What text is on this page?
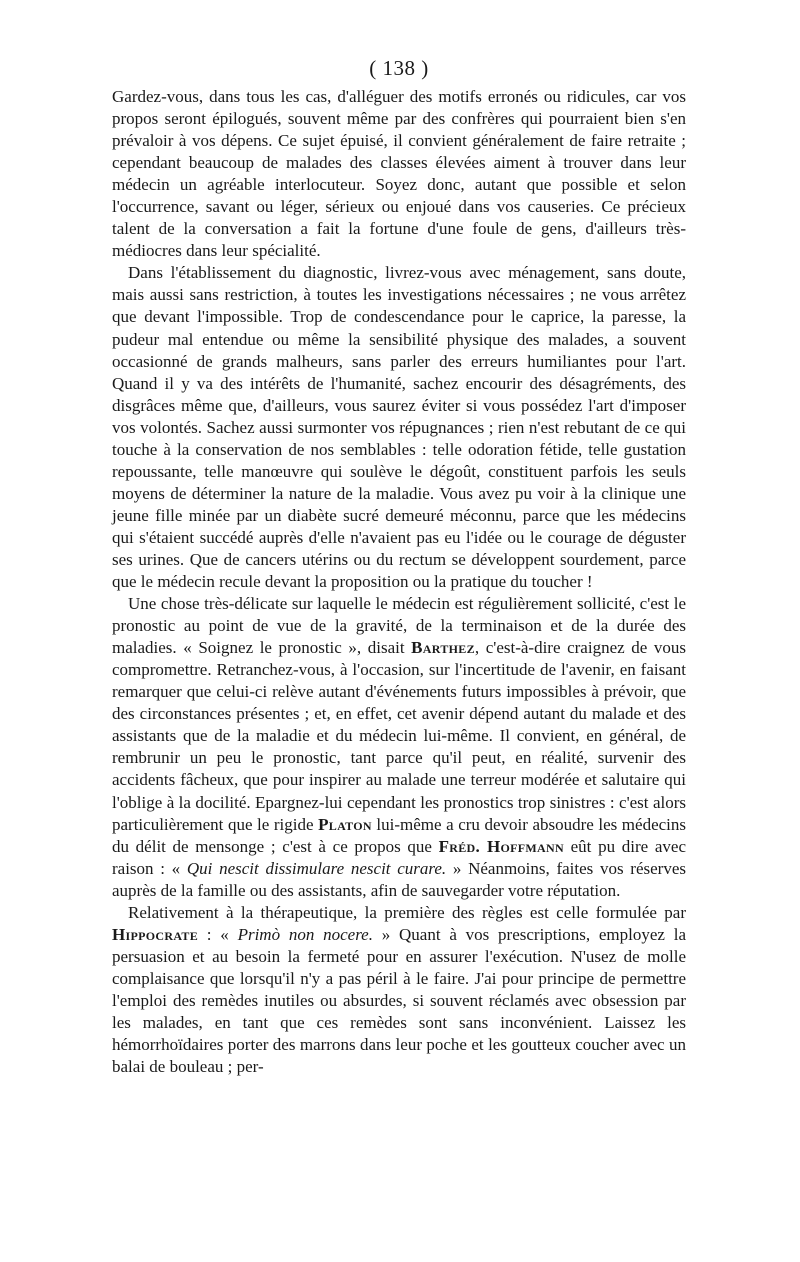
( 138 )

Gardez-vous, dans tous les cas, d'alléguer des motifs erronés ou ridicules, car vos propos seront épilogués, souvent même par des confrères qui pourraient bien s'en prévaloir à vos dépens. Ce sujet épuisé, il convient généralement de faire retraite ; cependant beaucoup de malades des classes élevées aiment à trouver dans leur médecin un agréable interlocuteur. Soyez donc, autant que possible et selon l'occurrence, savant ou léger, sérieux ou enjoué dans vos causeries. Ce précieux talent de la conversation a fait la fortune d'une foule de gens, d'ailleurs très-médiocres dans leur spécialité.

Dans l'établissement du diagnostic, livrez-vous avec ménagement, sans doute, mais aussi sans restriction, à toutes les investigations nécessaires ; ne vous arrêtez que devant l'impossible. Trop de condescendance pour le caprice, la paresse, la pudeur mal entendue ou même la sensibilité physique des malades, a souvent occasionné de grands malheurs, sans parler des erreurs humiliantes pour l'art. Quand il y va des intérêts de l'humanité, sachez encourir des désagréments, des disgrâces même que, d'ailleurs, vous saurez éviter si vous possédez l'art d'imposer vos volontés. Sachez aussi surmonter vos répugnances ; rien n'est rebutant de ce qui touche à la conservation de nos semblables : telle odoration fétide, telle gustation repoussante, telle manœuvre qui soulève le dégoût, constituent parfois les seuls moyens de déterminer la nature de la maladie. Vous avez pu voir à la clinique une jeune fille minée par un diabète sucré demeuré méconnu, parce que les médecins qui s'étaient succédé auprès d'elle n'avaient pas eu l'idée ou le courage de déguster ses urines. Que de cancers utérins ou du rectum se développent sourdement, parce que le médecin recule devant la proposition ou la pratique du toucher !

Une chose très-délicate sur laquelle le médecin est régulièrement sollicité, c'est le pronostic au point de vue de la gravité, de la terminaison et de la durée des maladies. « Soignez le pronostic », disait Barthez, c'est-à-dire craignez de vous compromettre. Retranchez-vous, à l'occasion, sur l'incertitude de l'avenir, en faisant remarquer que celui-ci relève autant d'événements futurs impossibles à prévoir, que des circonstances présentes ; et, en effet, cet avenir dépend autant du malade et des assistants que de la maladie et du médecin lui-même. Il convient, en général, de rembrunir un peu le pronostic, tant parce qu'il peut, en réalité, survenir des accidents fâcheux, que pour inspirer au malade une terreur modérée et salutaire qui l'oblige à la docilité. Epargnez-lui cependant les pronostics trop sinistres : c'est alors particulièrement que le rigide Platon lui-même a cru devoir absoudre les médecins du délit de mensonge ; c'est à ce propos que Fréd. Hoffmann eût pu dire avec raison : « Qui nescit dissimulare nescit curare. » Néanmoins, faites vos réserves auprès de la famille ou des assistants, afin de sauvegarder votre réputation.

Relativement à la thérapeutique, la première des règles est celle formulée par Hippocrate : « Primò non nocere. » Quant à vos prescriptions, employez la persuasion et au besoin la fermeté pour en assurer l'exécution. N'usez de molle complaisance que lorsqu'il n'y a pas péril à le faire. J'ai pour principe de permettre l'emploi des remèdes inutiles ou absurdes, si souvent réclamés avec obsession par les malades, en tant que ces remèdes sont sans inconvénient. Laissez les hémorrhoïdaires porter des marrons dans leur poche et les goutteux coucher avec un balai de bouleau ; per-
